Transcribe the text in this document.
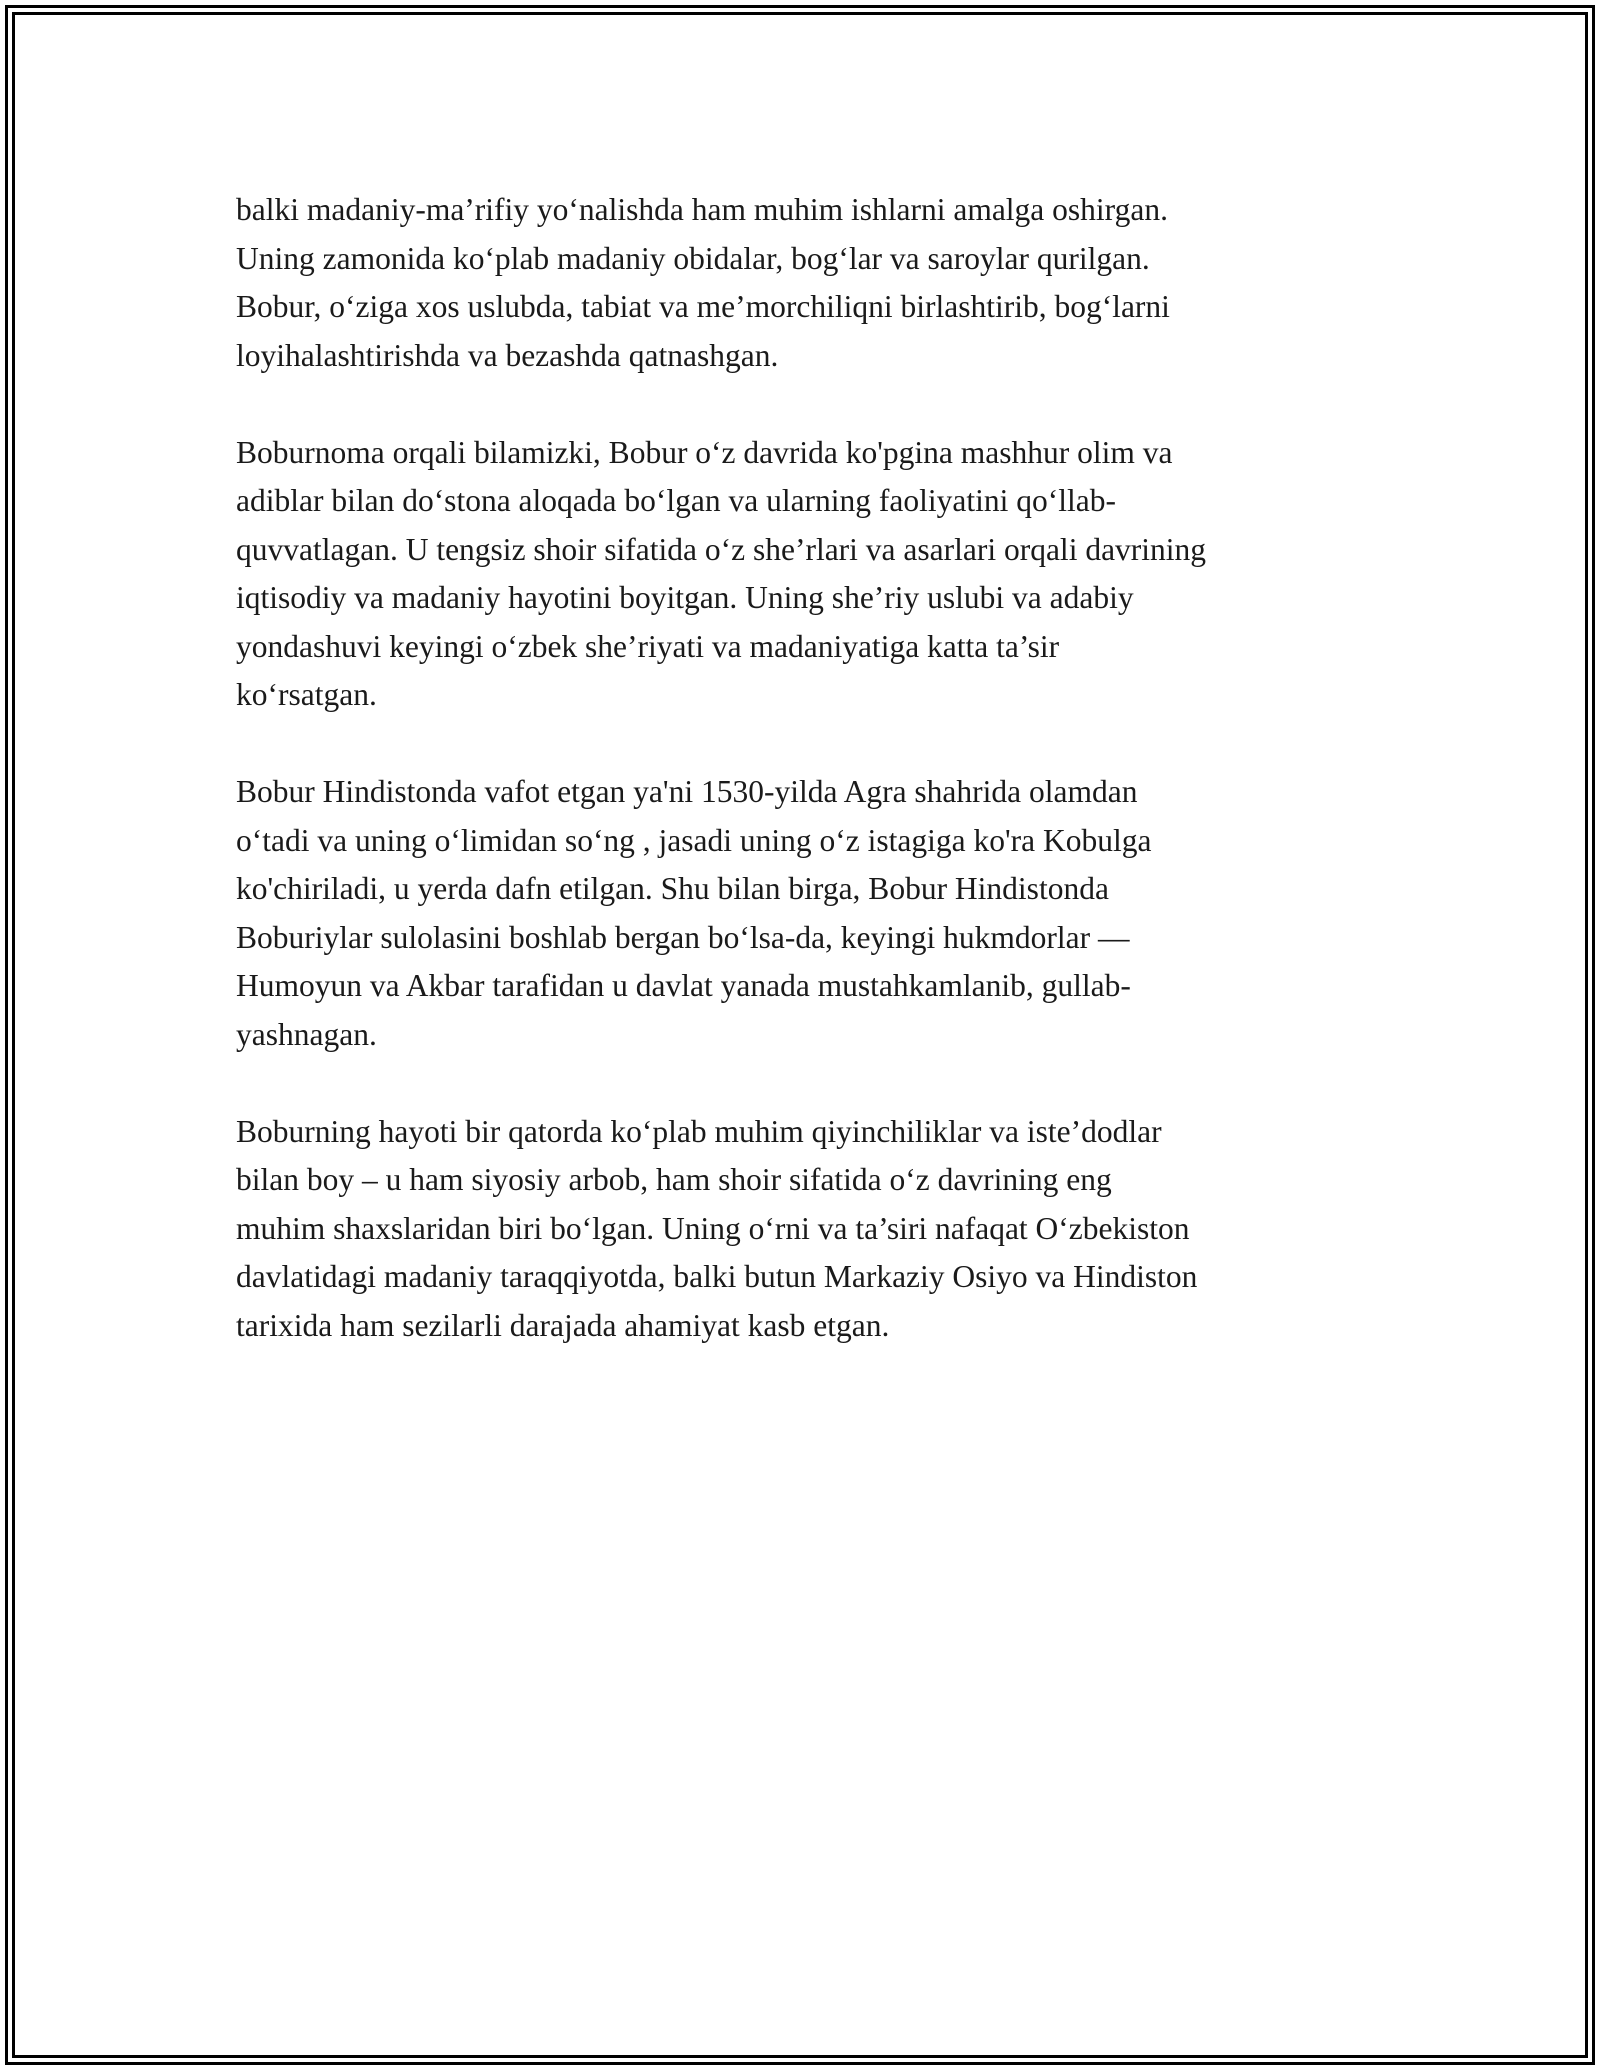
balki madaniy-ma’rifiy yo‘nalishda ham muhim ishlarni amalga oshirgan.
Uning zamonida ko‘plab madaniy obidalar, bog‘lar va saroylar qurilgan.
Bobur, o‘ziga xos uslubda, tabiat va me’morchiliqni birlashtirib, bog‘larni
loyihalashtirishda va bezashda qatnashgan.

Boburnoma orqali bilamizki, Bobur o‘z davrida ko'pgina mashhur olim va
adiblar bilan do‘stona aloqada bo‘lgan va ularning faoliyatini qo‘llab-
quvvatlagan. U tengsiz shoir sifatida o‘z she’rlari va asarlari orqali davrining
iqtisodiy va madaniy hayotini boyitgan. Uning she’riy uslubi va adabiy
yondashuvi keyingi o‘zbek she’riyati va madaniyatiga katta ta’sir
ko‘rsatgan.

Bobur Hindistonda vafot etgan ya'ni 1530-yilda Agra shahrida olamdan
o‘tadi va uning o‘limidan so‘ng , jasadi uning o‘z istagiga ko'ra Kobulga
ko'chiriladi, u yerda dafn etilgan. Shu bilan birga, Bobur Hindistonda
Boburiylar sulolasini boshlab bergan bo‘lsa-da, keyingi hukmdorlar —
Humoyun va Akbar tarafidan u davlat yanada mustahkamlanib, gullab-
yashnagan.

Boburning hayoti bir qatorda ko‘plab muhim qiyinchiliklar va iste’dodlar
bilan boy – u ham siyosiy arbob, ham shoir sifatida o‘z davrining eng
muhim shaxslaridan biri bo‘lgan. Uning o‘rni va ta’siri nafaqat O‘zbekiston
davlatidagi madaniy taraqqiyotda, balki butun Markaziy Osiyo va Hindiston
tarixida ham sezilarli darajada ahamiyat kasb etgan.
